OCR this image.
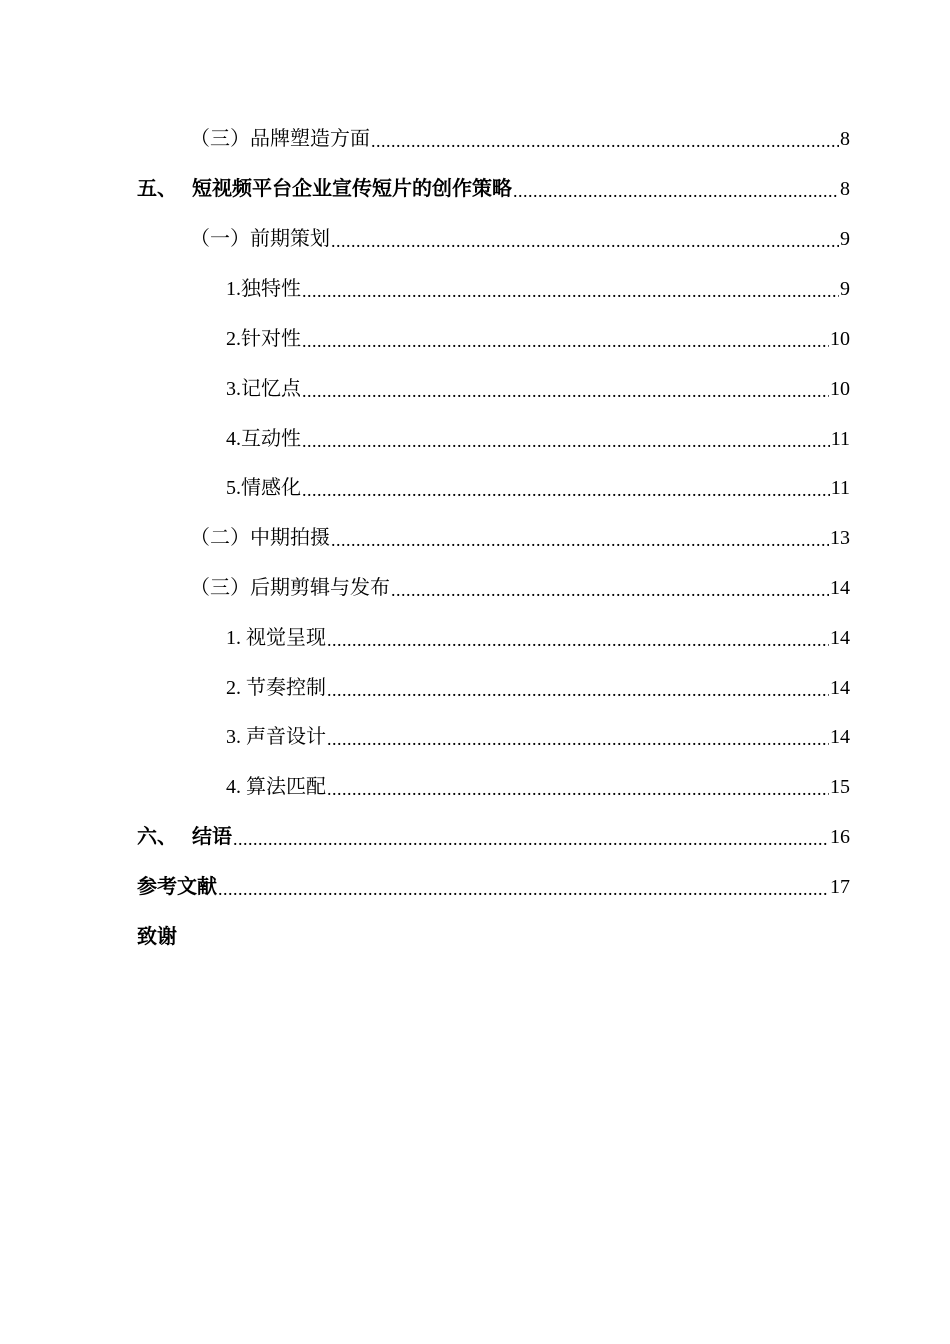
（三）品牌塑造方面 .....	8
五、 短视频平台企业宣传短片的创作策略 .....	8
（一）前期策划 .....	9
1.独特性 .....	9
2.针对性 .....	10
3.记忆点 .....	10
4.互动性 .....	11
5.情感化 .....	11
（二）中期拍摄 .....	13
（三）后期剪辑与发布 .....	14
1. 视觉呈现 .....	14
2. 节奏控制 .....	14
3. 声音设计 .....	14
4. 算法匹配 .....	15
六、 结语 .....	16
参考文献 .....	17
致谢
